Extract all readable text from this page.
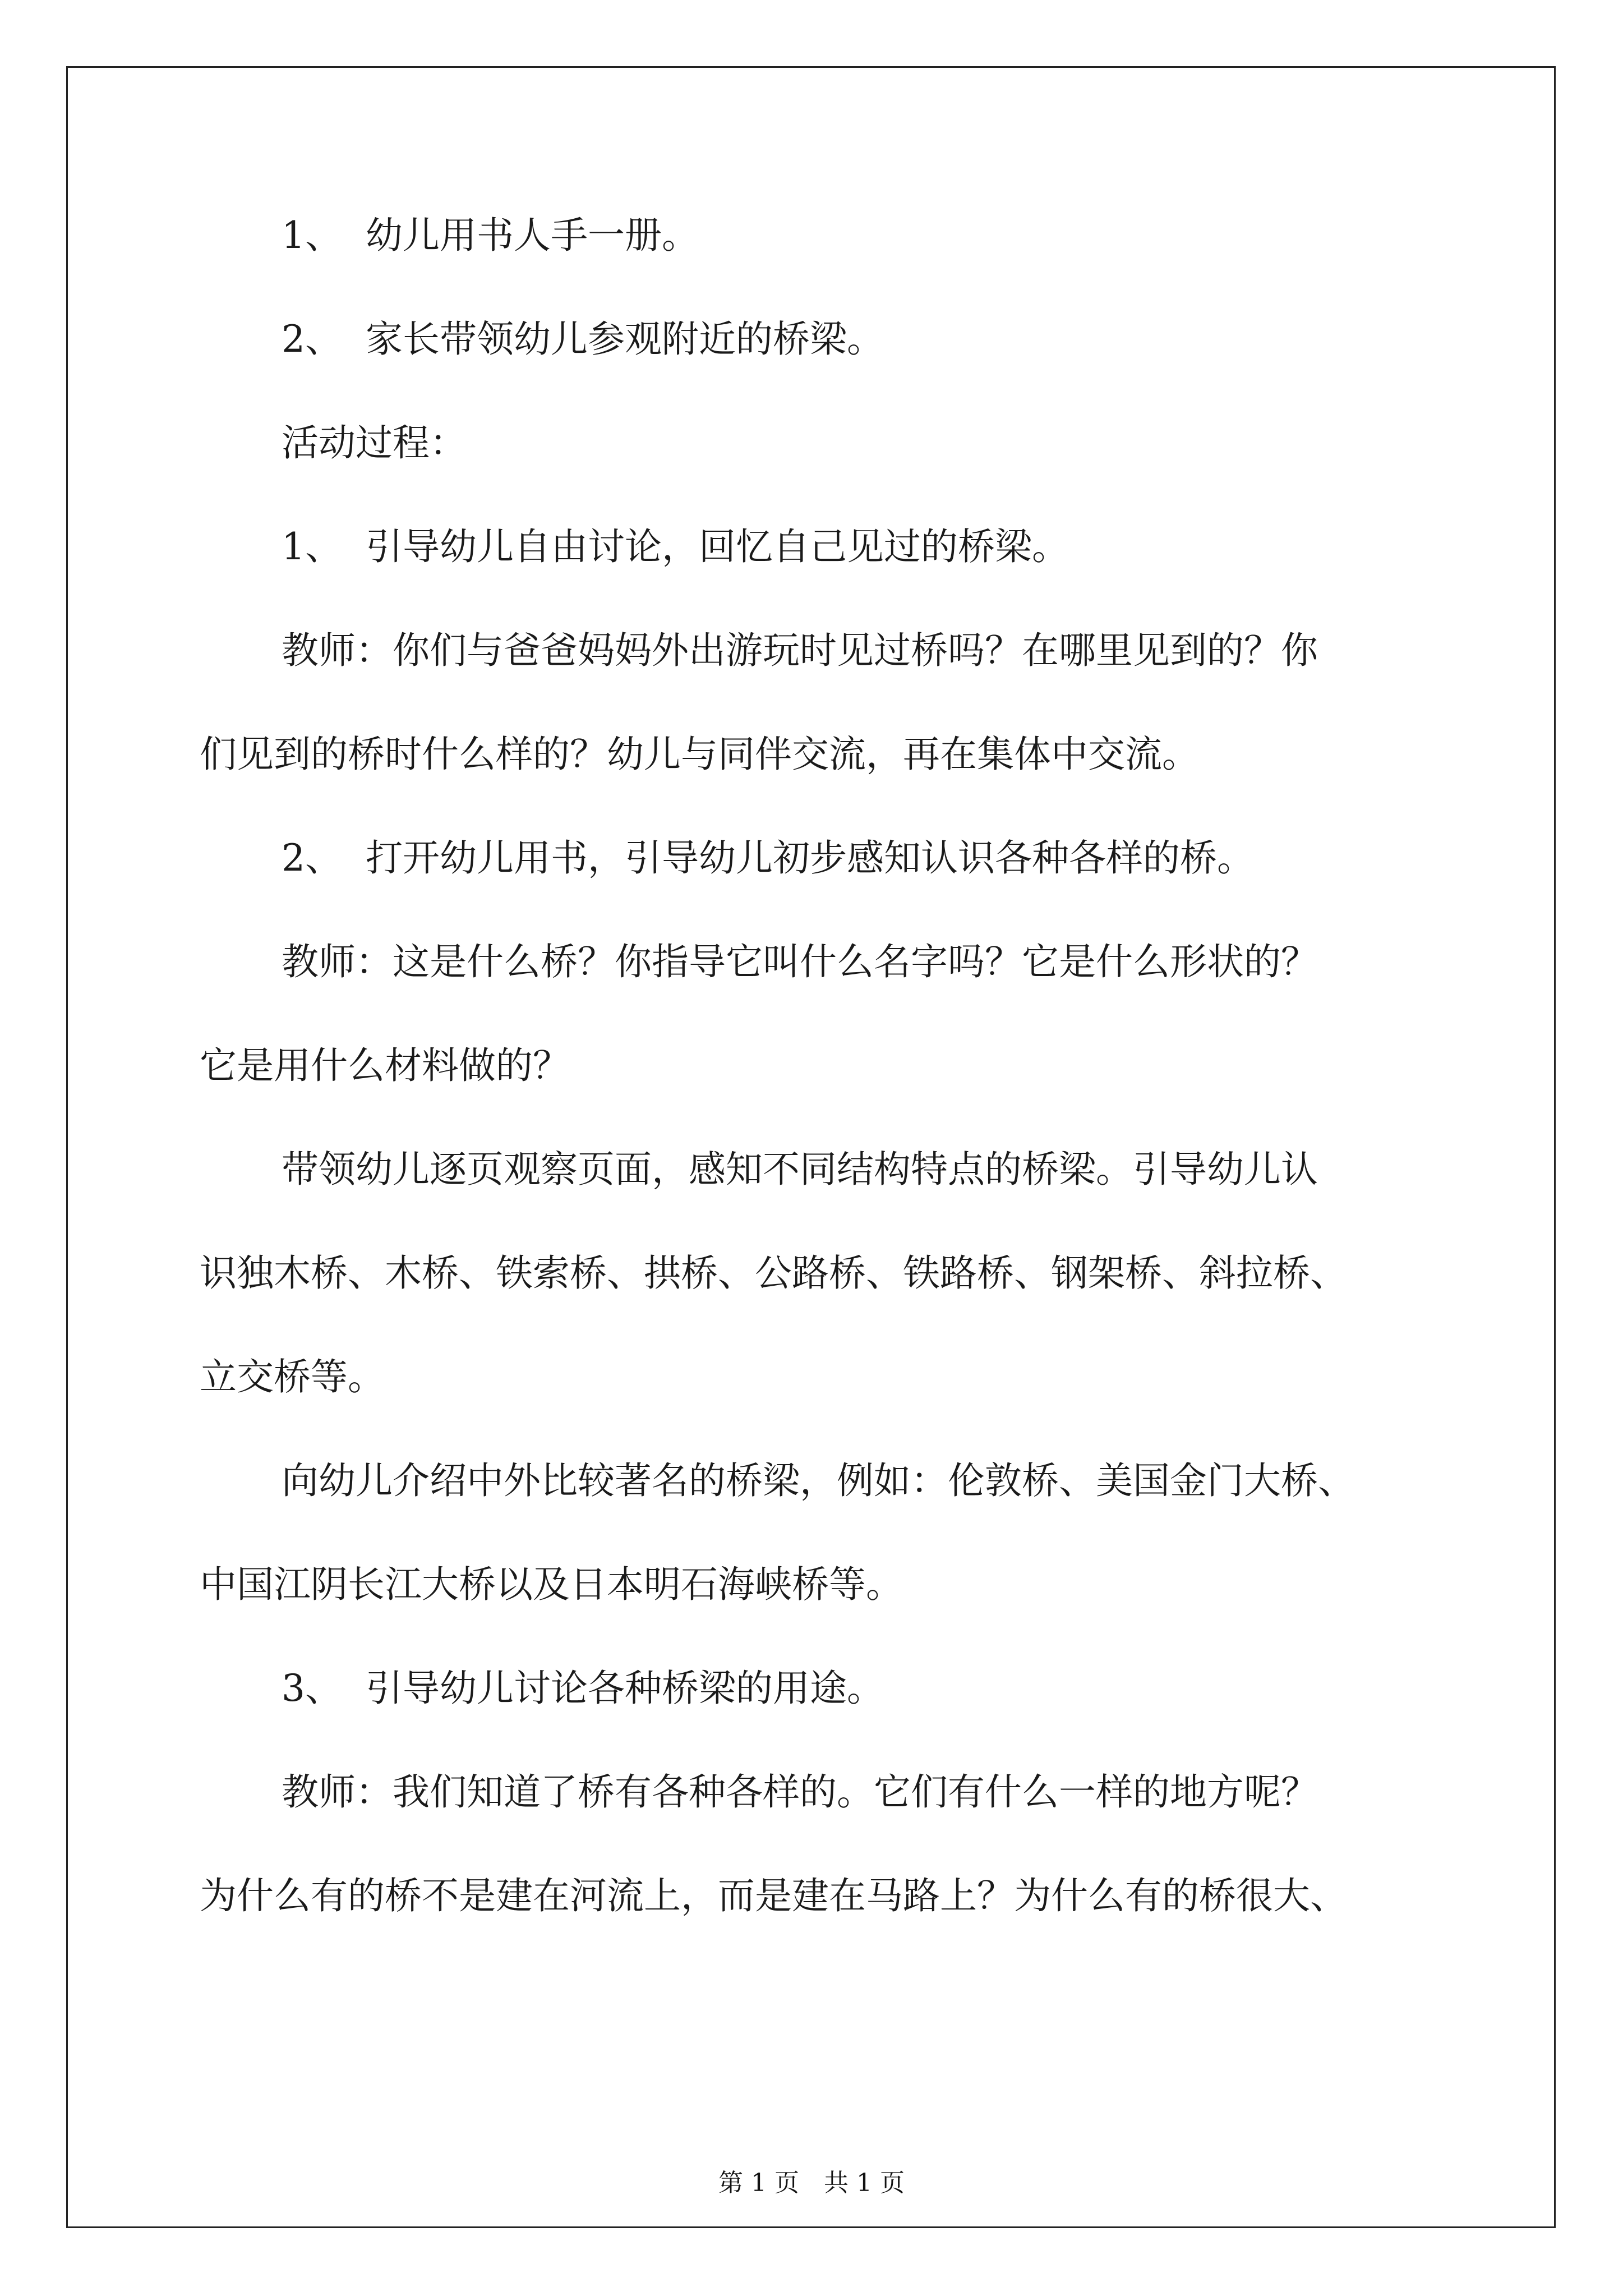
1、 幼儿用书人手一册。

2、 家长带领幼儿参观附近的桥梁。

活动过程：

1、 引导幼儿自由讨论，回忆自己见过的桥梁。

教师：你们与爸爸妈妈外出游玩时见过桥吗？在哪里见到的？你

们见到的桥时什么样的？幼儿与同伴交流，再在集体中交流。

2、 打开幼儿用书，引导幼儿初步感知认识各种各样的桥。

教师：这是什么桥？你指导它叫什么名字吗？它是什么形状的？

它是用什么材料做的？

带领幼儿逐页观察页面，感知不同结构特点的桥梁。引导幼儿认

识独木桥、木桥、铁索桥、拱桥、公路桥、铁路桥、钢架桥、斜拉桥、

立交桥等。

向幼儿介绍中外比较著名的桥梁，例如：伦敦桥、美国金门大桥、

中国江阴长江大桥以及日本明石海峡桥等。

3、 引导幼儿讨论各种桥梁的用途。

教师：我们知道了桥有各种各样的。它们有什么一样的地方呢？

为什么有的桥不是建在河流上，而是建在马路上？为什么有的桥很大、

第 1 页　共 1 页
